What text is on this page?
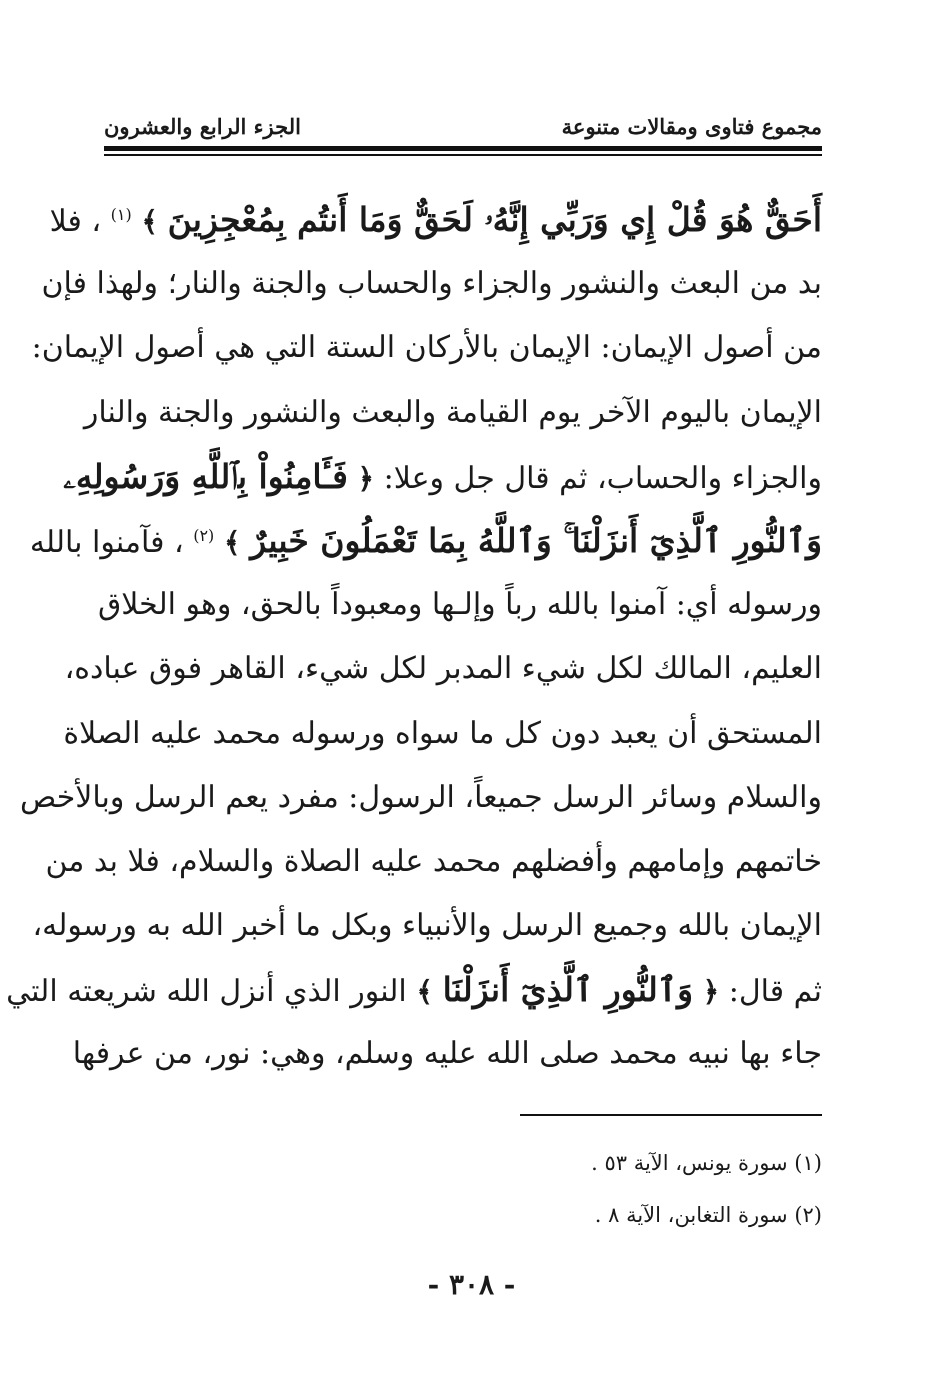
مجموع فتاوى ومقالات متنوعة
الجزء الرابع والعشرون
أَحَقٌّ هُوَ قُلْ إِي وَرَبِّي إِنَّهُۥ لَحَقٌّ وَمَا أَنتُم بِمُعْجِزِينَ ﴾ $^{(١)}$ ، فلا
بد من البعث والنشور والجزاء والحساب والجنة والنار؛ ولهذا فإن
من أصول الإيمان: الإيمان بالأركان الستة التي هي أصول الإيمان:
الإيمان باليوم الآخر يوم القيامة والبعث والنشور والجنة والنار
والجزاء والحساب، ثم قال جل وعلا: ﴿ فَـَٔامِنُواْ بِٱللَّهِ وَرَسُولِهِۦ
وَٱلنُّورِ ٱلَّذِيٓ أَنزَلْنَا ۚ وَٱللَّهُ بِمَا تَعْمَلُونَ خَبِيرٌ ﴾ $^{(٢)}$ ، فآمنوا بالله
ورسوله أي: آمنوا بالله رباً وإلـها ومعبوداً بالحق، وهو الخلاق
العليم، المالك لكل شيء المدبر لكل شيء، القاهر فوق عباده،
المستحق أن يعبد دون كل ما سواه ورسوله محمد عليه الصلاة
والسلام وسائر الرسل جميعاً، الرسول: مفرد يعم الرسل وبالأخص
خاتمهم وإمامهم وأفضلهم محمد عليه الصلاة والسلام، فلا بد من
الإيمان بالله وجميع الرسل والأنبياء وبكل ما أخبر الله به ورسوله،
ثم قال: ﴿ وَٱلنُّورِ ٱلَّذِيٓ أَنزَلْنَا ﴾ النور الذي أنزل الله شريعته التي
جاء بها نبيه محمد صلى الله عليه وسلم، وهي: نور، من عرفها
(١) سورة يونس، الآية ٥٣ .
(٢) سورة التغابن، الآية ٨ .
- ٣٠٨ -
